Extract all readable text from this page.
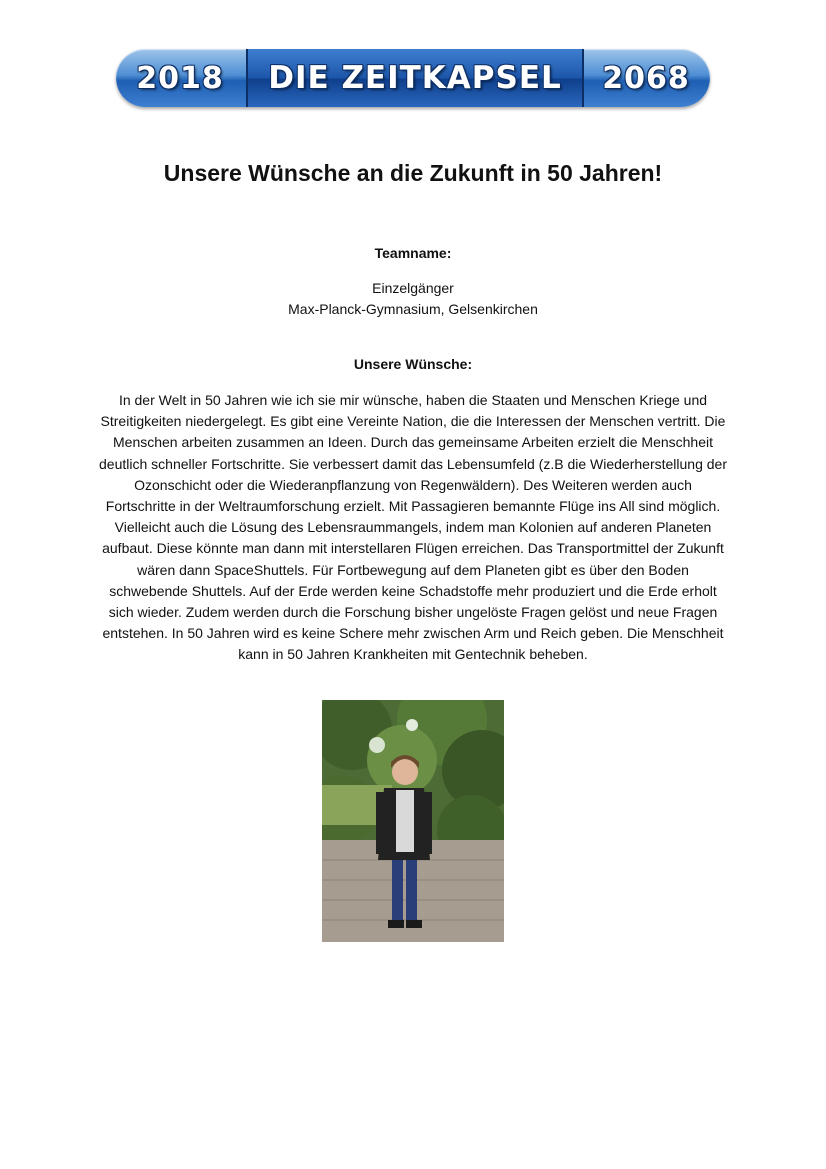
2018	DIE ZEITKAPSEL	2068
Unsere Wünsche an die Zukunft in 50 Jahren!

Teamname:

Einzelgänger

Max-Planck-Gymnasium, Gelsenkirchen

Unsere Wünsche:

In der Welt in 50 Jahren wie ich sie mir wünsche, haben die Staaten und Menschen Kriege und Streitigkeiten niedergelegt. Es gibt eine Vereinte Nation, die die Interessen der Menschen vertritt. Die Menschen arbeiten zusammen an Ideen. Durch das gemeinsame Arbeiten erzielt die Menschheit deutlich schneller Fortschritte. Sie verbessert damit das Lebensumfeld (z.B die Wiederherstellung der Ozonschicht oder die Wiederanpflanzung von Regenwäldern). Des Weiteren werden auch Fortschritte in der Weltraumforschung erzielt. Mit Passagieren bemannte Flüge ins All sind möglich. Vielleicht auch die Lösung des Lebensraummangels, indem man Kolonien auf anderen Planeten aufbaut. Diese könnte man dann mit interstellaren Flügen erreichen. Das Transportmittel der Zukunft wären dann SpaceShuttels. Für Fortbewegung auf dem Planeten gibt es über den Boden schwebende Shuttels. Auf der Erde werden keine Schadstoffe mehr produziert und die Erde erholt sich wieder. Zudem werden durch die Forschung bisher ungelöste Fragen gelöst und neue Fragen entstehen. In 50 Jahren wird es keine Schere mehr zwischen Arm und Reich geben. Die Menschheit kann in 50 Jahren Krankheiten mit Gentechnik beheben.
